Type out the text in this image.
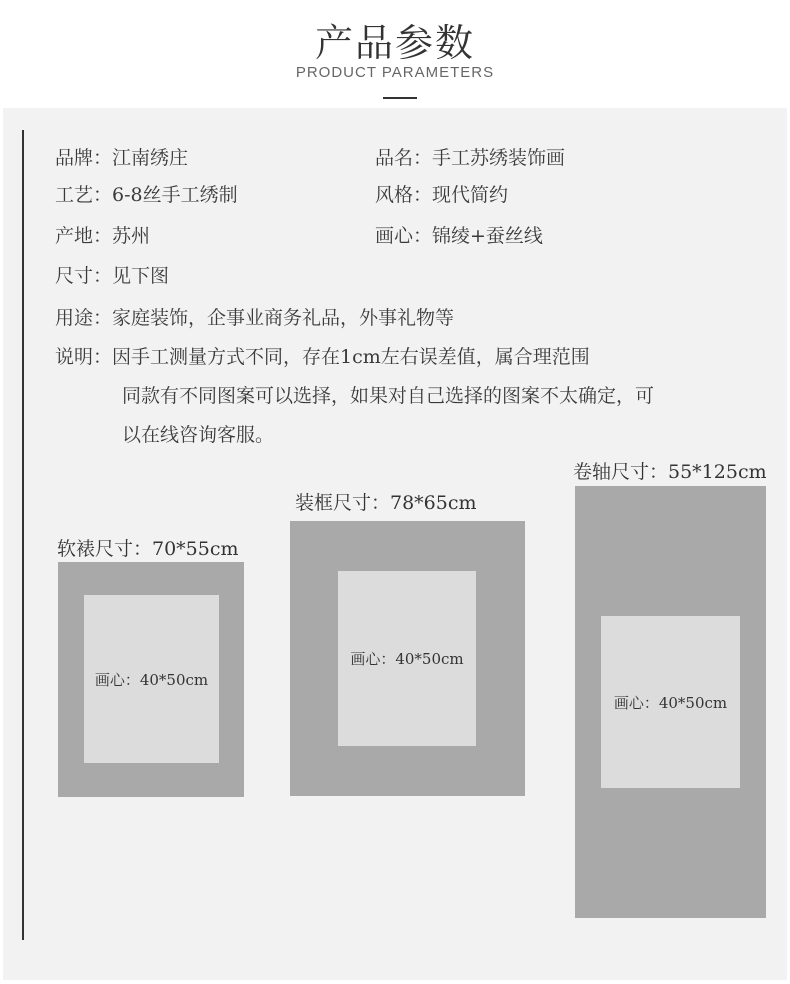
产品参数
PRODUCT PARAMETERS
品牌：江南绣庄	品名：手工苏绣装饰画
工艺：6-8丝手工绣制	风格：现代简约
产地：苏州	画心：锦绫+蚕丝线
尺寸：见下图
用途：家庭装饰，企事业商务礼品，外事礼物等
说明：因手工测量方式不同，存在1cm左右误差值，属合理范围
同款有不同图案可以选择，如果对自己选择的图案不太确定，可
以在线咨询客服。
软裱尺寸：70*55cm
画心：40*50cm
装框尺寸：78*65cm
画心：40*50cm
卷轴尺寸：55*125cm
画心：40*50cm
